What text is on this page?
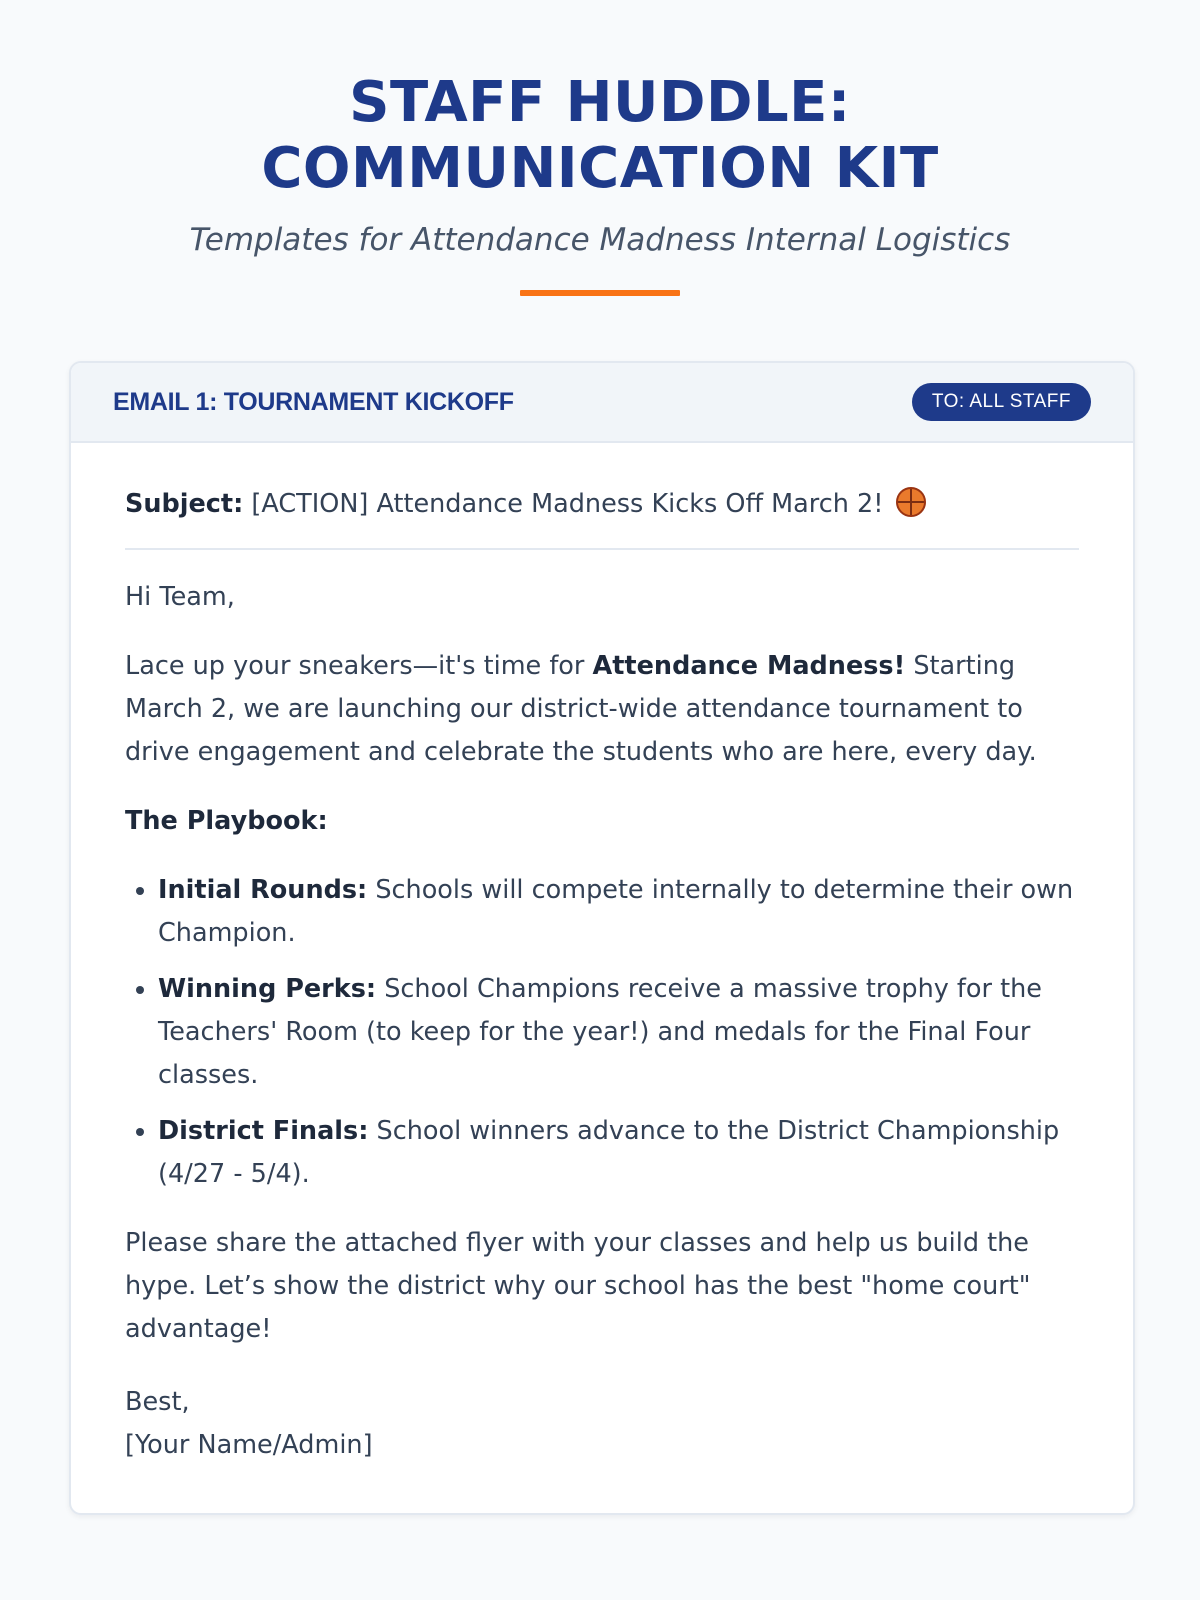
STAFF HUDDLE:
COMMUNICATION KIT

Templates for Attendance Madness Internal Logistics

EMAIL 1: TOURNAMENT KICKOFF	TO: ALL STAFF

Subject: [ACTION] Attendance Madness Kicks Off March 2!

Hi Team,

Lace up your sneakers—it's time for Attendance Madness! Starting March 2, we are launching our district-wide attendance tournament to drive engagement and celebrate the students who are here, every day.

The Playbook:

• Initial Rounds: Schools will compete internally to determine their own Champion.
• Winning Perks: School Champions receive a massive trophy for the Teachers' Room (to keep for the year!) and medals for the Final Four classes.
• District Finals: School winners advance to the District Championship (4/27 - 5/4).

Please share the attached flyer with your classes and help us build the hype. Let’s show the district why our school has the best "home court" advantage!

Best,
[Your Name/Admin]
